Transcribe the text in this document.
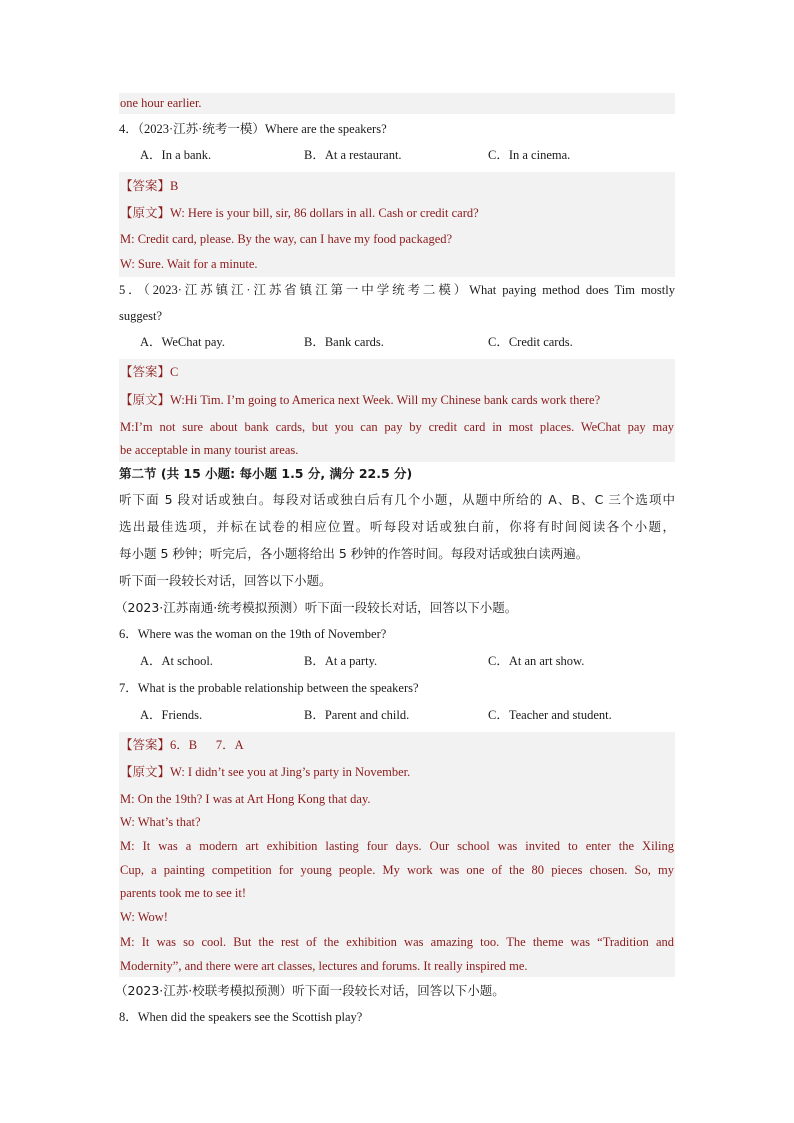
one hour earlier.
4．（2023·江苏·统考一模）Where are the speakers?
A．In a bank.	B．At a restaurant.	C．In a cinema.
【答案】B
【原文】W: Here is your bill, sir, 86 dollars in all. Cash or credit card?
M: Credit card, please. By the way, can I have my food packaged?
W: Sure. Wait for a minute.
5．（2023·江苏镇江·江苏省镇江第一中学统考二模）What paying method does Tim mostly
suggest?
A．WeChat pay.	B．Bank cards.	C．Credit cards.
【答案】C
【原文】W:Hi Tim. I’m going to America next Week. Will my Chinese bank cards work there?
M:I’m not sure about bank cards, but you can pay by credit card in most places. WeChat pay may
be acceptable in many tourist areas.
第二节 (共 15 小题: 每小题 1.5 分, 满分 22.5 分)
听下面 5 段对话或独白。每段对话或独白后有几个小题，从题中所给的 A、B、C 三个选项中
选出最佳选项，并标在试卷的相应位置。听每段对话或独白前，你将有时间阅读各个小题，
每小题 5 秒钟；听完后，各小题将给出 5 秒钟的作答时间。每段对话或独白读两遍。
听下面一段较长对话，回答以下小题。
（2023·江苏南通·统考模拟预测）听下面一段较长对话，回答以下小题。
6．Where was the woman on the 19th of November?
A．At school.	B．At a party.	C．At an art show.
7．What is the probable relationship between the speakers?
A．Friends.	B．Parent and child.	C．Teacher and student.
【答案】6．B      7．A
【原文】W: I didn’t see you at Jing’s party in November.
M: On the 19th? I was at Art Hong Kong that day.
W: What’s that?
M: It was a modern art exhibition lasting four days. Our school was invited to enter the Xiling
Cup, a painting competition for young people. My work was one of the 80 pieces chosen. So, my
parents took me to see it!
W: Wow!
M: It was so cool. But the rest of the exhibition was amazing too. The theme was “Tradition and
Modernity”, and there were art classes, lectures and forums. It really inspired me.
（2023·江苏·校联考模拟预测）听下面一段较长对话，回答以下小题。
8．When did the speakers see the Scottish play?
